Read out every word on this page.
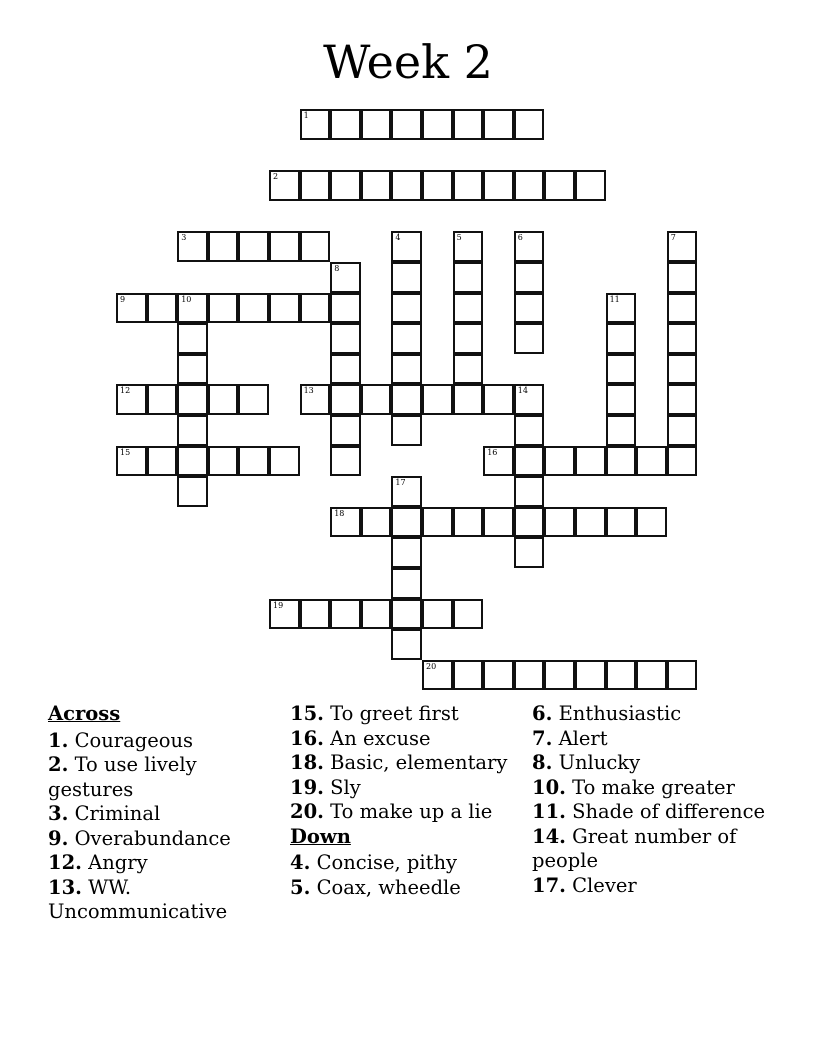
Week 2
1
2
3	4	5	6	7
8
9	10	11
12	13	14
15	16
17
18
19
20
Across
1. Courageous
2. To use lively gestures
3. Criminal
9. Overabundance
12. Angry
13. WW. Uncommunicative
15. To greet first
16. An excuse
18. Basic, elementary
19. Sly
20. To make up a lie
Down
4. Concise, pithy
5. Coax, wheedle
6. Enthusiastic
7. Alert
8. Unlucky
10. To make greater
11. Shade of difference
14. Great number of people
17. Clever
